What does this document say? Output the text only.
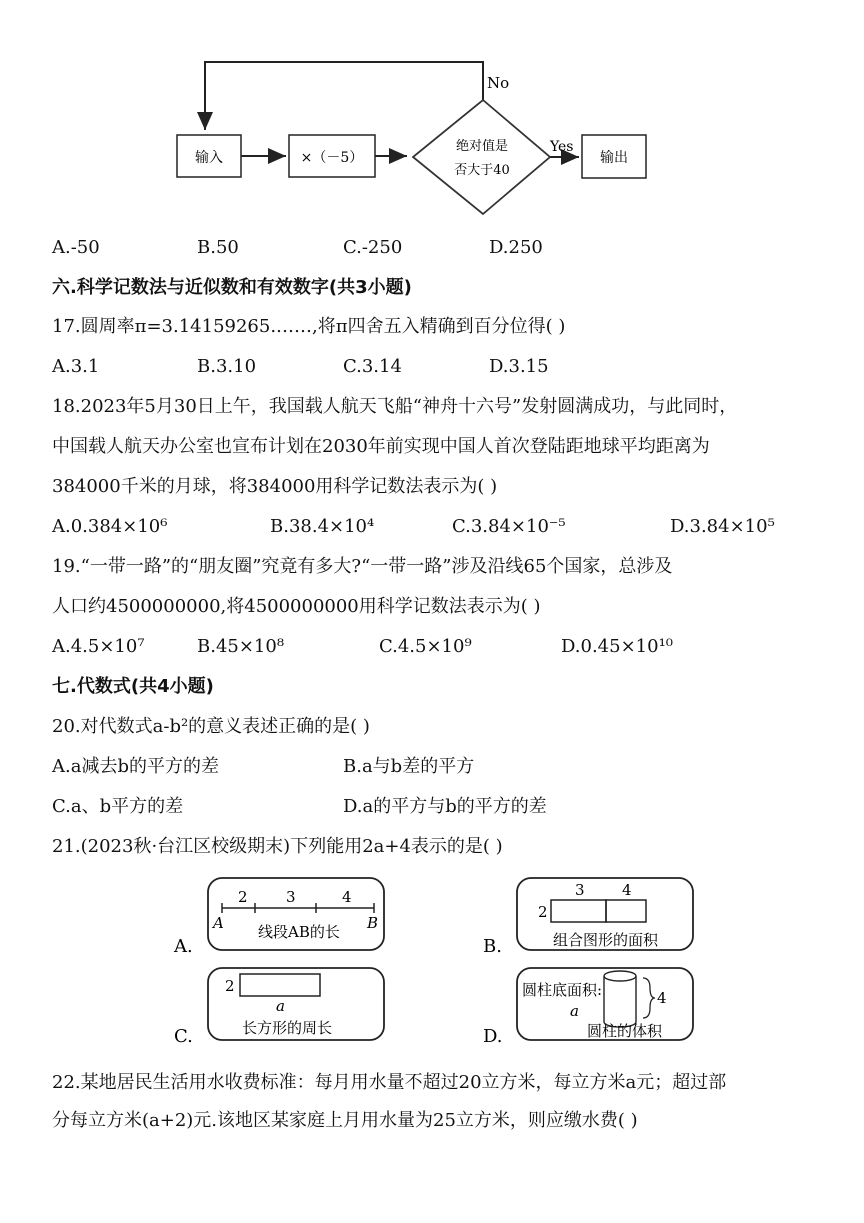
No
输入	×（－5）
绝对值是
否大于40
Yes
输出
A.-50	B.50	C.-250	D.250
六.科学记数法与近似数和有效数字(共3小题)
17.圆周率π=3.14159265.……,将π四舍五入精确到百分位得( )
A.3.1	B.3.10	C.3.14	D.3.15
18.2023年5月30日上午，我国载人航天飞船“神舟十六号”发射圆满成功，与此同时，
中国载人航天办公室也宣布计划在2030年前实现中国人首次登陆距地球平均距离为
384000千米的月球，将384000用科学记数法表示为( )
A.0.384×10⁶	B.38.4×10⁴	C.3.84×10⁻⁵	D.3.84×10⁵
19.“一带一路”的“朋友圈”究竟有多大?“一带一路”涉及沿线65个国家，总涉及
人口约4500000000,将4500000000用科学记数法表示为( )
A.4.5×10⁷	B.45×10⁸	C.4.5×10⁹	D.0.45×10¹⁰
七.代数式(共4小题)
20.对代数式a-b²的意义表述正确的是( )
A.a减去b的平方的差	B.a与b差的平方
C.a、b平方的差	D.a的平方与b的平方的差
21.(2023秋·台江区校级期末)下列能用2a+4表示的是( )
A.
2	3	4
A	B
线段AB的长
B.
3 4
2
组合图形的面积
C.
2
a
长方形的周长	D.
4
圆柱底面积:
a
圆柱的体积
22.某地居民生活用水收费标准：每月用水量不超过20立方米，每立方米a元；超过部
分每立方米(a+2)元.该地区某家庭上月用水量为25立方米，则应缴水费( )
